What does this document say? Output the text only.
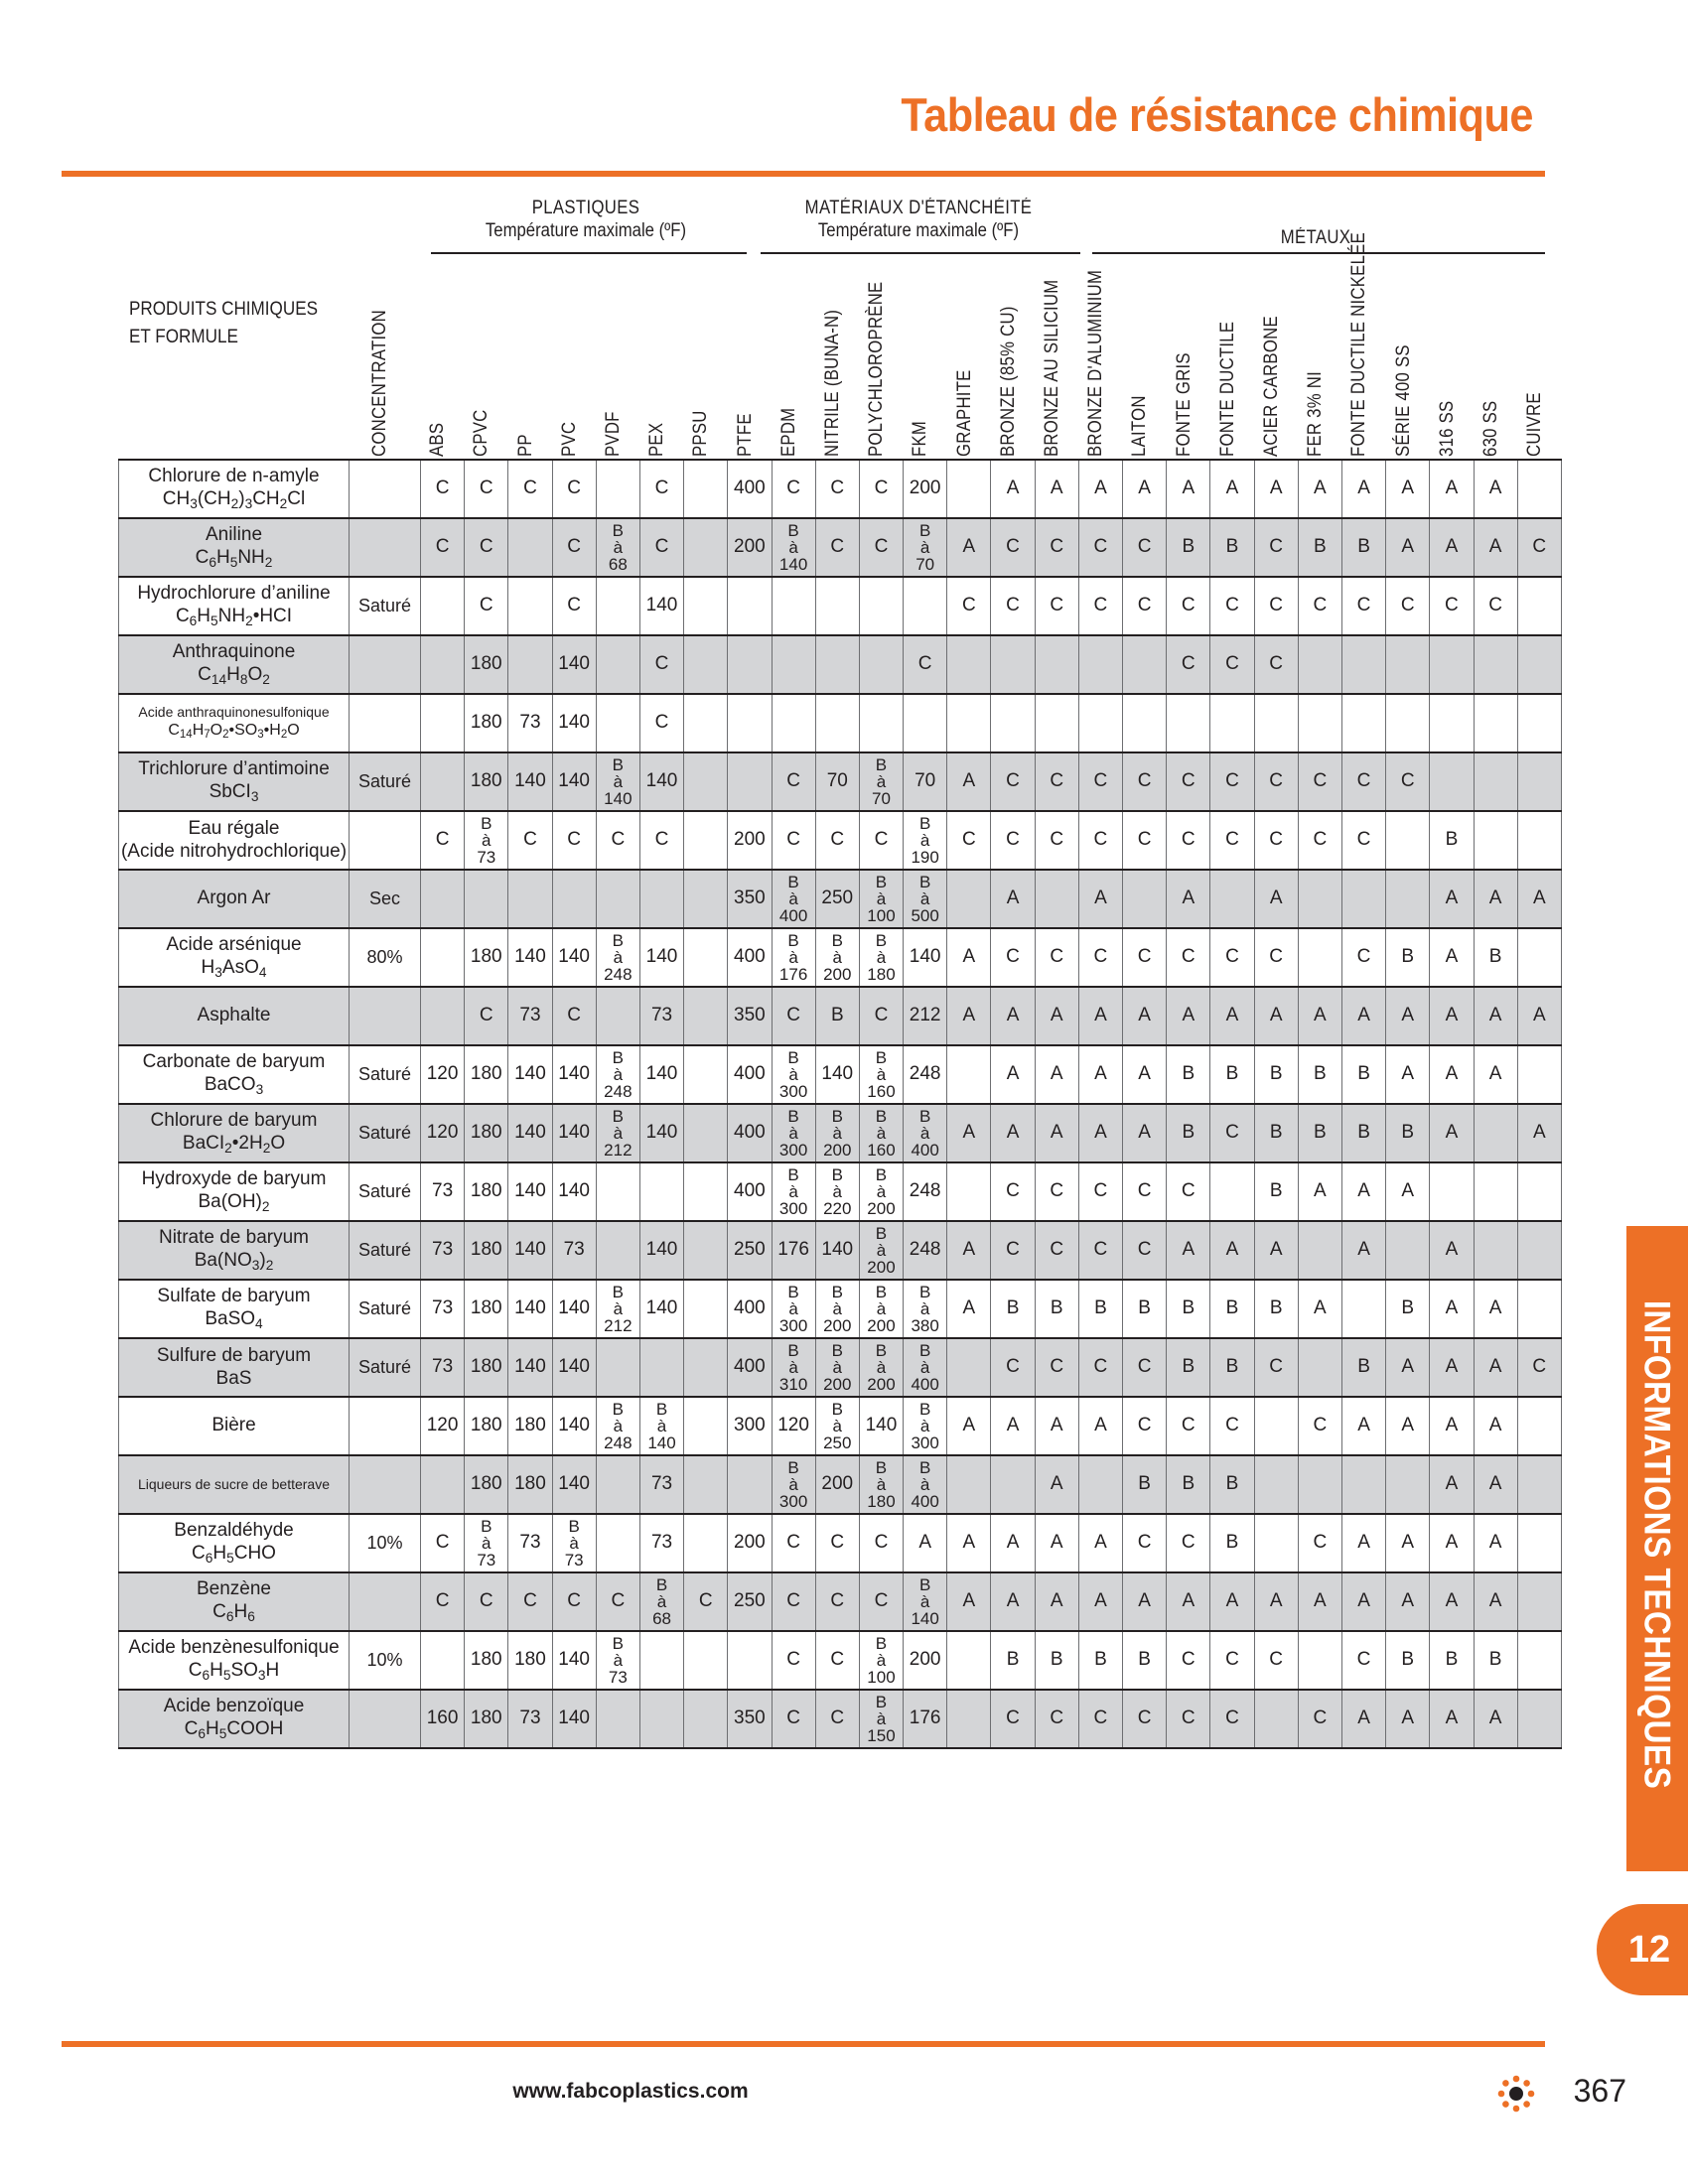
Tableau de résistance chimique
PLASTIQUES
Température maximale (ºF)
MATÉRIAUX D'ÉTANCHÉITÉ
Température maximale (ºF)	MÉTAUX
PRODUITS CHIMIQUES
ET FORMULE	CONCENTRATION ABS CPVC PP PVC PVDF PEX PPSU PTFE EPDM NITRILE (BUNA-N) POLYCHLOROPRÈNE FKM GRAPHITE BRONZE (85% CU) BRONZE AU SILICIUM BRONZE D'ALUMINIUM LAITON FONTE GRIS FONTE DUCTILE ACIER CARBONE FER 3% NI FONTE DUCTILE NICKELÉE SÉRIE 400 SS 316 SS 630 SS CUIVRE
Chlorure de n-amyle
$CH_3(CH_2)_3CH_2Cl$		C	C	C	C		C		400	C	C	C	200		A	A	A	A	A	A	A	A	A	A	A	A	

Aniline
$C_6H_5NH_2$		C	C		C	B
à
68	C		200	B
à
140	C	C	B
à
70	A	C	C	C	C	B	B	C	B	B	A	A	A	C

Hydrochlorure d’aniline
$C_6H_5NH_2•HCI$	Saturé		C		C		140							C	C	C	C	C	C	C	C	C	C	C	C	C	

Anthraquinone
$C_{14}H_8O_2$			180		140		C						C						C	C	C						

Acide anthraquinonesulfonique
$C_{14}H_7O_2•SO_3•H_2O$			180	73	140		C																				

Trichlorure d’antimoine
SbCI$_3$	Saturé		180	140	140	B
à
140	140			C	70	B
à
70	70	A	C	C	C	C	C	C	C	C	C	C			

Eau régale
(Acide nitrohydrochlorique)		C	B
à
73	C	C	C	C		200	C	C	C	B
à
190	C	C	C	C	C	C	C	C	C	C		B		

Argon Ar	Sec								350	B
à
400	250	B
à
100	B
à
500		A		A		A		A				A	A	A

Acide arsénique
$H_3AsO_4$	80%		180	140	140	B
à
248	140		400	B
à
176	B
à
200	B
à
180	140	A	C	C	C	C	C	C	C		C	B	A	B	

Asphalte			C	73	C		73		350	C	B	C	212	A	A	A	A	A	A	A	A	A	A	A	A	A	A

Carbonate de baryum
BaCO$_3$	Saturé	120	180	140	140	B
à
248	140		400	B
à
300	140	B
à
160	248		A	A	A	A	B	B	B	B	B	A	A	A	

Chlorure de baryum
$BaCI_2•2H_2O$	Saturé	120	180	140	140	B
à
212	140		400	B
à
300	B
à
200	B
à
160	B
à
400	A	A	A	A	A	B	C	B	B	B	B	A		A

Hydroxyde de baryum
$Ba(OH)_2$	Saturé	73	180	140	140				400	B
à
300	B
à
220	B
à
200	248		C	C	C	C	C		B	A	A	A			

Nitrate de baryum
$Ba(NO_3)_2$	Saturé	73	180	140	73		140		250	176	140	B
à
200	248	A	C	C	C	C	A	A	A		A		A		

Sulfate de baryum
BaSO$_4$	Saturé	73	180	140	140	B
à
212	140		400	B
à
300	B
à
200	B
à
200	B
à
380	A	B	B	B	B	B	B	B	A		B	A	A	

Sulfure de baryum
BaS	Saturé	73	180	140	140				400	B
à
310	B
à
200	B
à
200	B
à
400		C	C	C	C	B	B	C		B	A	A	A	C

Bière		120	180	180	140	B
à
248	B
à
140		300	120	B
à
250	140	B
à
300	A	A	A	A	C	C	C		C	A	A	A	A	

Liqueurs de sucre de betterave			180	180	140		73			B
à
300	200	B
à
180	B
à
400			A		B	B	B					A	A	

Benzaldéhyde
$C_6H_5CHO$	10%	C	B
à
73	73	B
à
73		73		200	C	C	C	A	A	A	A	A	C	C	B		C	A	A	A	A	

Benzène
$C_6H_6$		C	C	C	C	C	B
à
68	C	250	C	C	C	B
à
140	A	A	A	A	A	A	A	A	A	A	A	A	A	

Acide benzènesulfonique
$C_6H_5SO_3H$	10%		180	180	140	B
à
73				C	C	B
à
100	200		B	B	B	B	C	C	C		C	B	B	B	

Acide benzoïque
$C_6H_5COOH$		160	180	73	140				350	C	C	B
à
150	176		C	C	C	C	C	C		C	A	A	A	A		INFORMATIONS TECHNIQUES
12
www.fabcoplastics.com	367
